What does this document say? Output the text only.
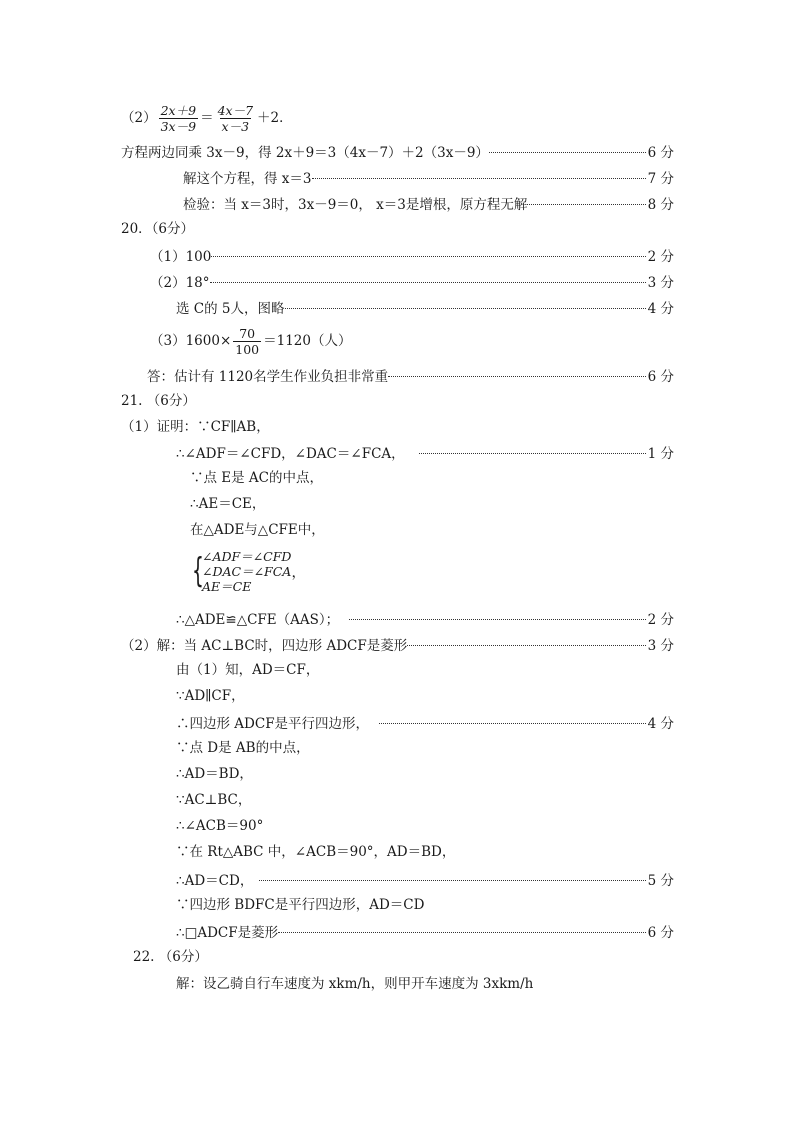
$(2) \frac{2x+9}{3x-9} = \frac{4x-7}{x-3} +2$．
方程两边同乘 3x－9，得 2x＋9＝3（4x－7）＋2（3x－9）	6 分
解这个方程，得 x＝3	7 分
检验：当 x＝3时，3x－9＝0， x＝3是增根，原方程无解	8 分
20．（6分）
（1）100	2 分
（2）18°	3 分
选 C的 5人，图略	4 分
$(3)1600\times \frac{70}{100} =1120$（人）
答：估计有 1120名学生作业负担非常重	6 分
21. （6分）
（1）证明：∵CF∥AB，
∴∠ADF＝∠CFD，∠DAC＝∠FCA，	1 分
∵点 E是 AC的中点，
∴AE＝CE，
在△ADE与△CFE中，
{
∠ADF＝∠CFD
∠DAC＝∠FCA
AE＝CE
，
∴△ADE≌△CFE（AAS）；	2 分
（2）解：当 AC⊥BC时，四边形 ADCF是菱形	3 分
由（1）知，AD＝CF，
∵AD∥CF，
∴四边形 ADCF是平行四边形，	4 分
∵点 D是 AB的中点，
∴AD＝BD，
∵AC⊥BC，
∴∠ACB＝90°
∵在 Rt△ABC 中，∠ACB＝90°，AD＝BD，
∴AD＝CD，	5 分
∵四边形 BDFC是平行四边形，AD＝CD
∴□ADCF是菱形	6 分
22. （6分）
解：设乙骑自行车速度为 xkm/h，则甲开车速度为 3xkm/h
